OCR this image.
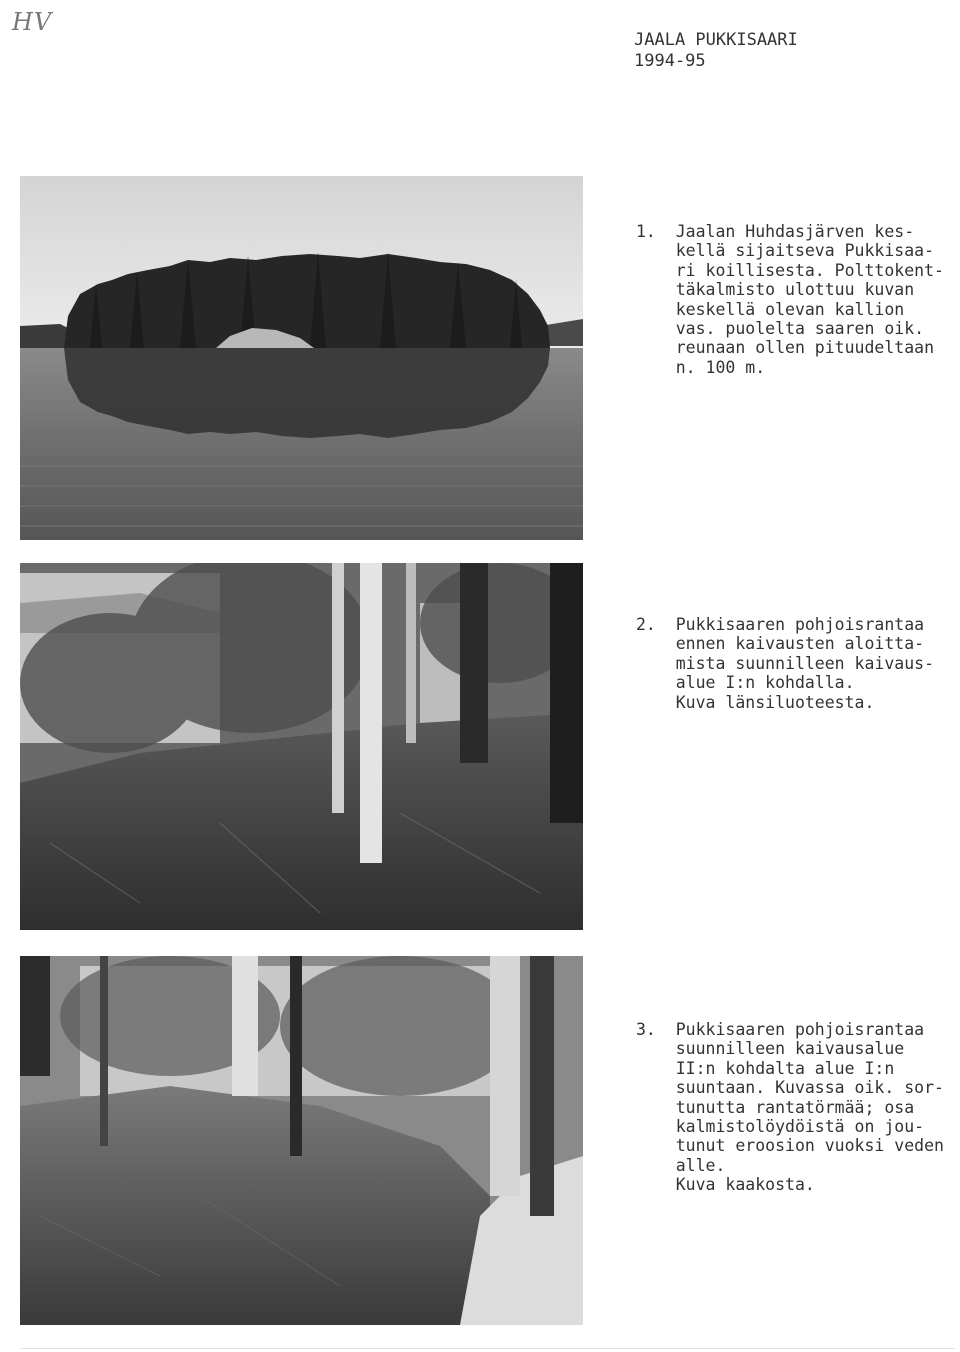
HV
JAALA PUKKISAARI
1994-95
1.  Jaalan Huhdasjärven kes-
kellä sijaitseva Pukkisaa-
ri koillisesta. Polttokent-
täkalmisto ulottuu kuvan
keskellä olevan kallion
vas. puolelta saaren oik.
reunaan ollen pituudeltaan
n. 100 m.
2.  Pukkisaaren pohjoisrantaa
ennen kaivausten aloitta-
mista suunnilleen kaivaus-
alue I:n kohdalla.
Kuva länsiluoteesta.
3.  Pukkisaaren pohjoisrantaa
suunnilleen kaivausalue
II:n kohdalta alue I:n
suuntaan. Kuvassa oik. sor-
tunutta rantatörmää; osa
kalmistolöydöistä on jou-
tunut eroosion vuoksi veden
alle.
Kuva kaakosta.
